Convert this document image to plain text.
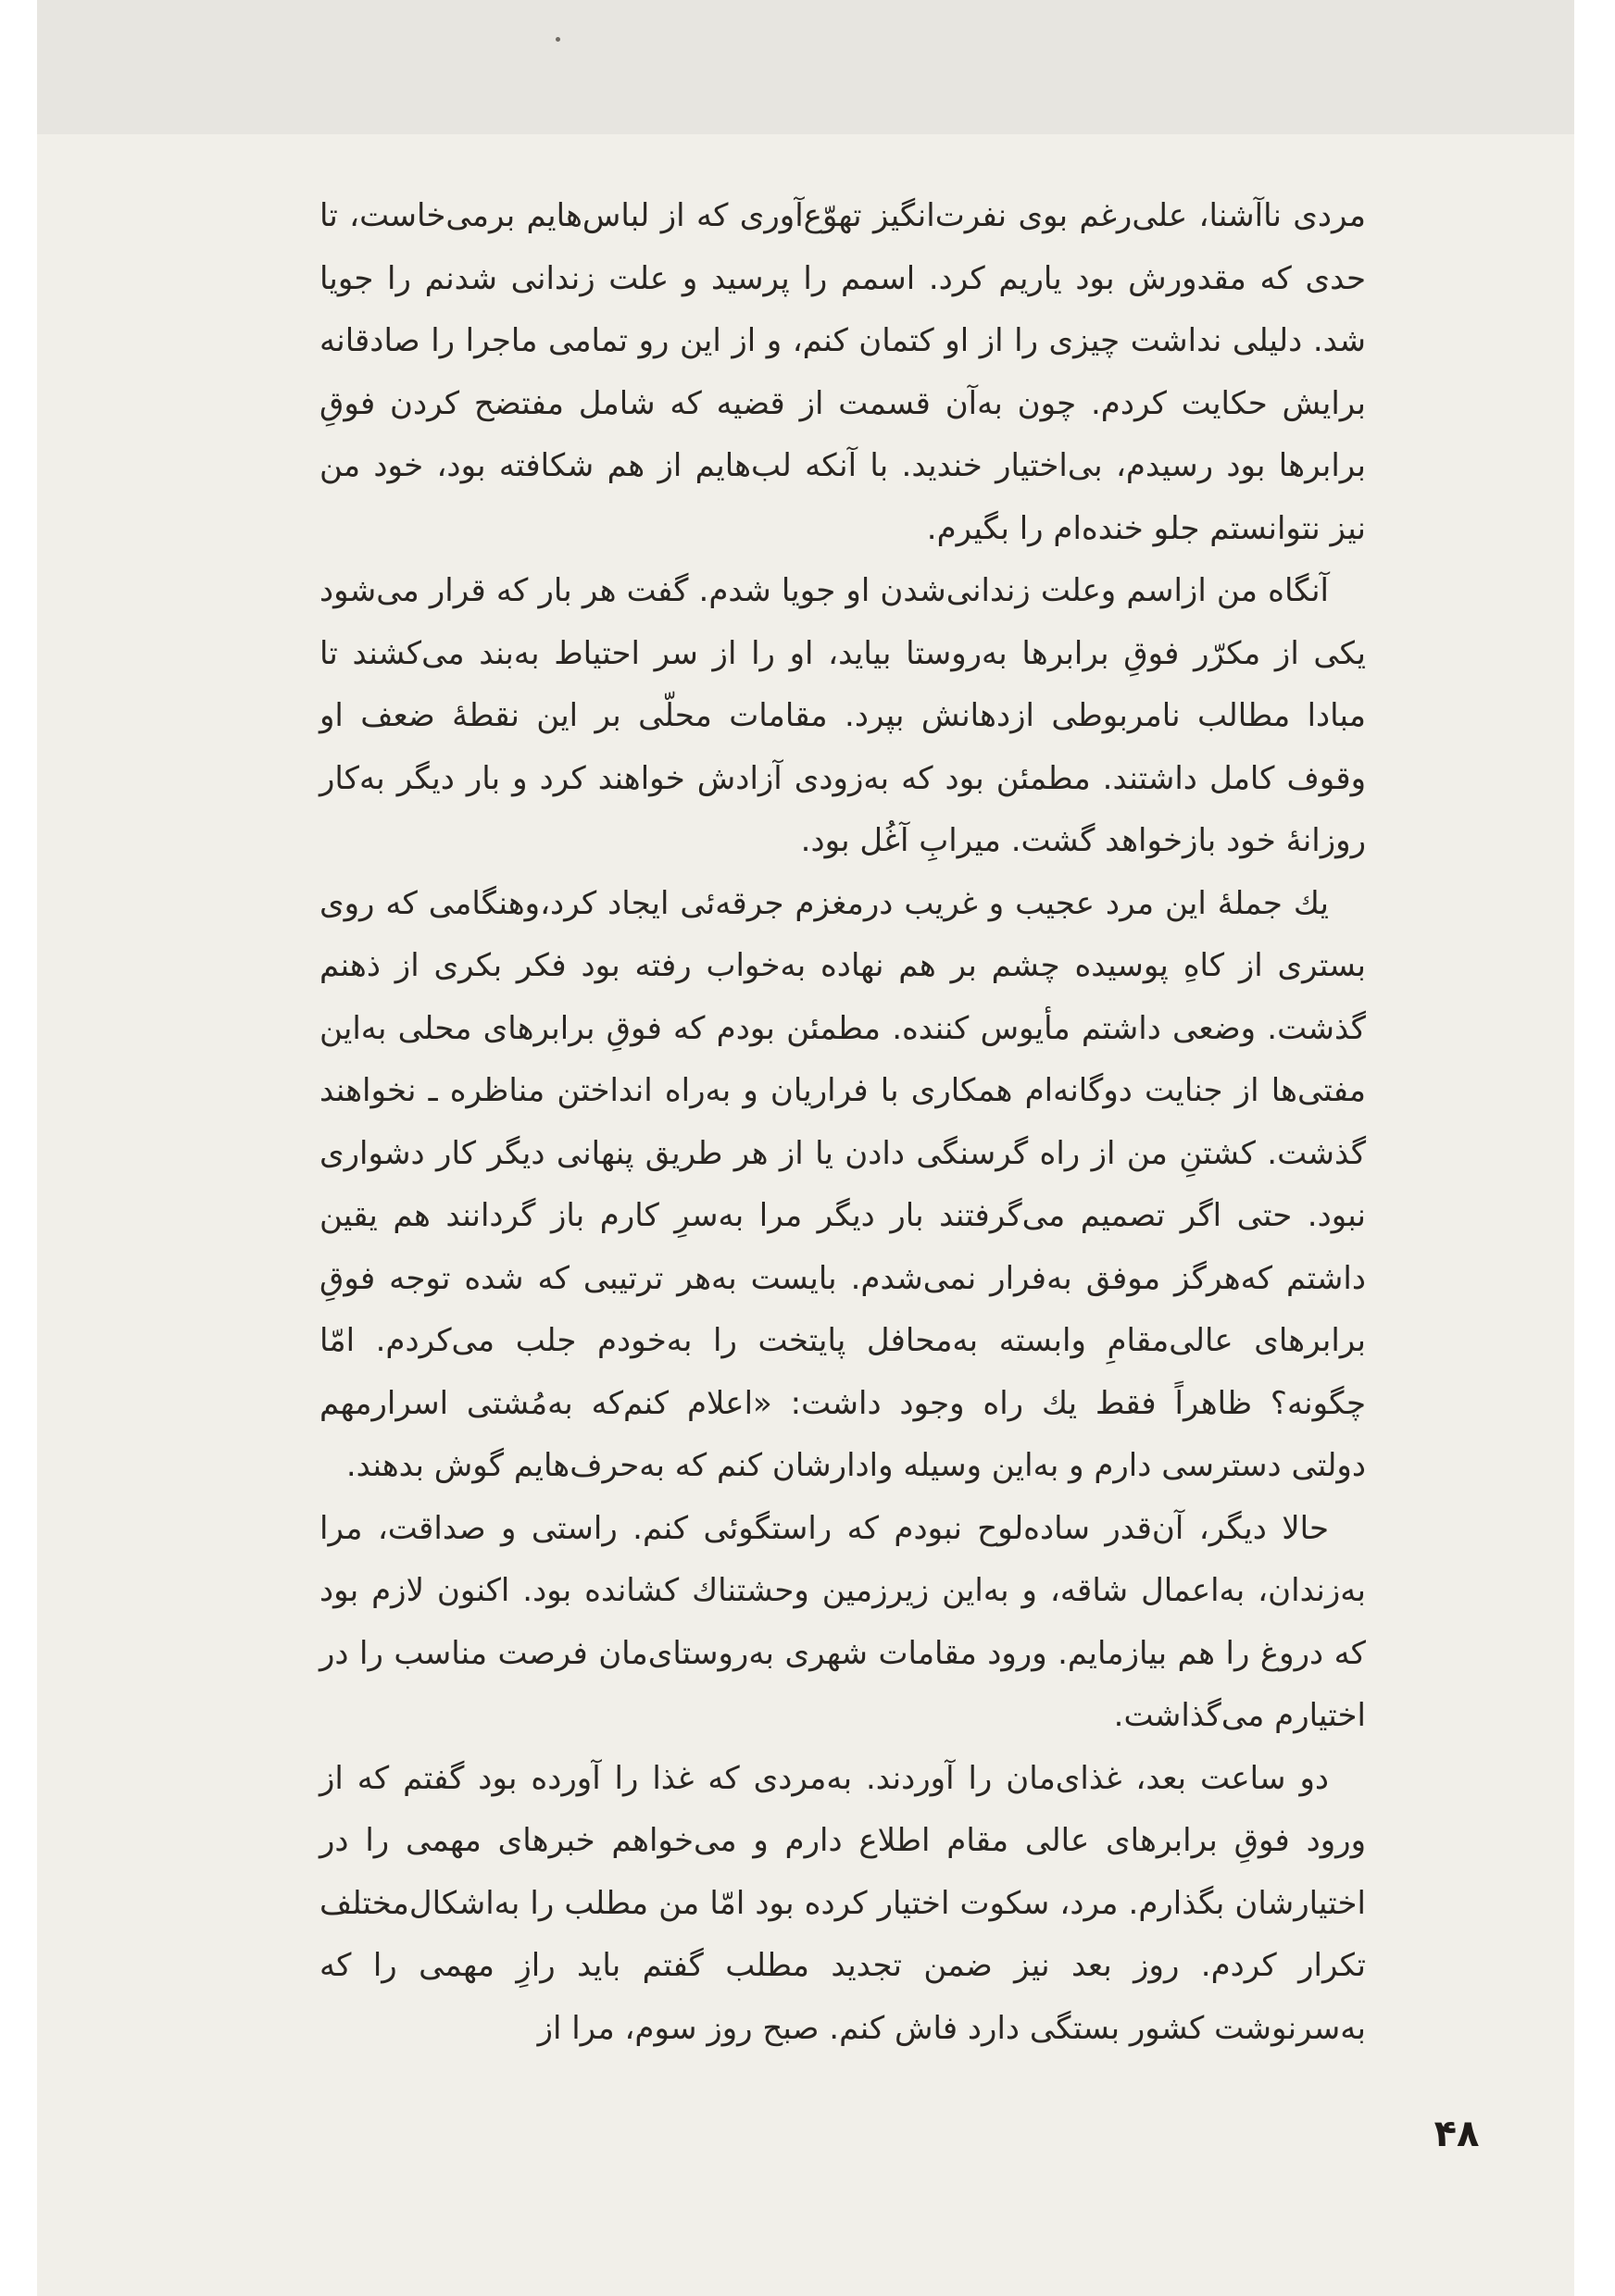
مردی ناآشنا، علی‌رغم بوی نفرت‌انگیز تهوّع‌آوری که از لباس‌هایم برمی‌خاست، تا حدی که مقدورش بود یاریم کرد. اسمم را پرسید و علت زندانی شدنم را جویا شد. دلیلی نداشت چیزی را از او کتمان کنم، و از این رو تمامی ماجرا را صادقانه برایش حکایت کردم. چون به‌آن قسمت از قضیه که شامل مفتضح کردن فوقِ برابرها بود رسیدم، بی‌اختیار خندید. با آنکه لب‌هایم از هم شکافته بود، خود من نیز نتوانستم جلو خنده‌ام را بگیرم.

آنگاه من ازاسم وعلت زندانی‌شدن او جویا شدم. گفت هر بار که قرار می‌شود یکی از مکرّر فوقِ برابرها به‌روستا بیاید، او را از سر احتیاط به‌بند می‌کشند تا مبادا مطالب نامربوطی ازدهانش بپرد. مقامات محلّی بر این نقطهٔ ضعف او وقوف کامل داشتند. مطمئن بود که به‌زودی آزادش خواهند کرد و بار دیگر به‌کار روزانهٔ خود بازخواهد گشت. میرابِ آغُل بود.

یك جملهٔ این مرد عجیب و غریب درمغزم جرقه‌ئی ایجاد کرد،وهنگامی که روی بستری از کاهِ پوسیده چشم بر هم نهاده به‌خواب رفته بود فکر بکری از ذهنم گذشت. وضعی داشتم مأیوس کننده. مطمئن بودم که فوقِ برابرهای محلی به‌این مفتی‌ها از جنایت دوگانه‌ام همکاری با فراریان و به‌راه انداختن مناظره ـ نخواهند گذشت. کشتنِ من از راه گرسنگی دادن یا از هر طریق پنهانی دیگر کار دشواری نبود. حتی اگر تصمیم می‌گرفتند بار دیگر مرا به‌سرِ کارم باز گردانند هم یقین داشتم که‌هرگز موفق به‌فرار نمی‌شدم. بایست به‌هر ترتیبی که شده توجه فوقِ برابرهای عالی‌مقامِ وابسته به‌محافل پایتخت را به‌خودم جلب می‌کردم. امّا چگونه؟ ظاهراً فقط یك راه وجود داشت: «اعلام کنم‌که به‌مُشتی اسرارمهم دولتی دسترسی دارم و به‌این وسیله وادارشان کنم که به‌حرف‌هایم گوش بدهند.

حالا دیگر، آن‌قدر ساده‌لوح نبودم که راستگوئی کنم. راستی و صداقت، مرا به‌زندان، به‌اعمال شاقه، و به‌این زیرزمین وحشتناك کشانده بود. اکنون لازم بود که دروغ را هم بیازمایم. ورود مقامات شهری به‌روستای‌مان فرصت مناسب را در اختیارم می‌گذاشت.

دو ساعت بعد، غذای‌مان را آوردند. به‌مردی که غذا را آورده بود گفتم که از ورود فوقِ برابرهای عالی مقام اطلاع دارم و می‌خواهم خبرهای مهمی را در اختیارشان بگذارم. مرد، سکوت اختیار کرده بود امّا من مطلب را به‌اشکال‌مختلف تکرار کردم. روز بعد نیز ضمن تجدید مطلب گفتم باید رازِ مهمی را که به‌سرنوشت کشور بستگی دارد فاش کنم. صبح روز سوم، مرا از

۴۸
